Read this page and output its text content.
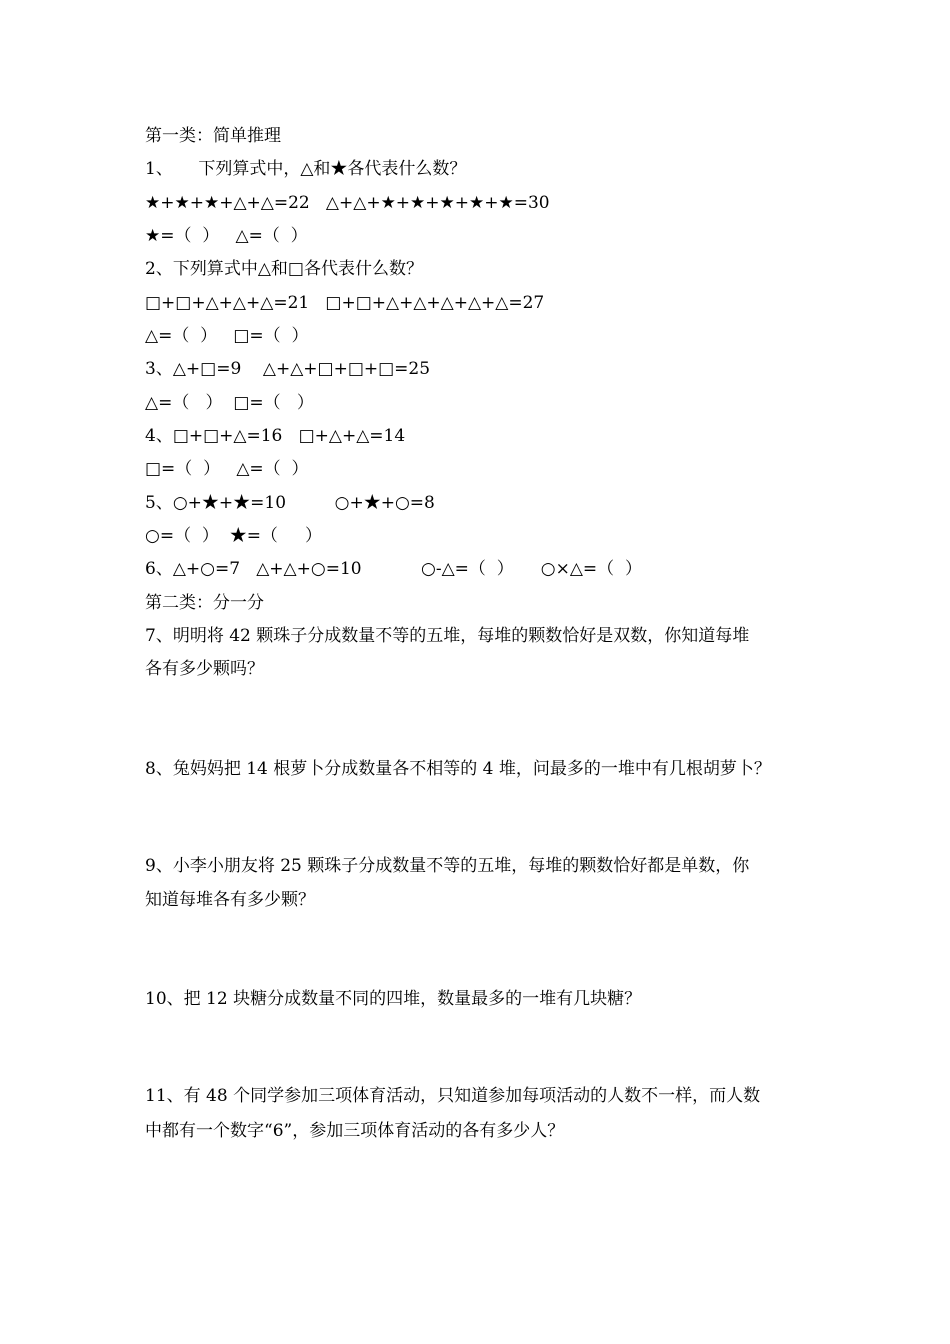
第一类：简单推理
1、　　下列算式中，△和★各代表什么数？
★+★+★+△+△=22   △+△+★+★+★+★+★=30
★=（  ）   △=（  ）
2、下列算式中△和□各代表什么数？
□+□+△+△+△=21   □+□+△+△+△+△+△=27
△=（  ）   □=（  ）
3、△+□=9    △+△+□+□+□=25
△=（   ）  □=（   ）
4、□+□+△=16   □+△+△=14
□=（  ）   △=（  ）
5、○+★+★=10         ○+★+○=8
○=（  ）  ★=（     ）
6、△+○=7   △+△+○=10           ○-△=（  ）     ○×△=（  ）
第二类：分一分
7、明明将 42 颗珠子分成数量不等的五堆，每堆的颗数恰好是双数，你知道每堆
各有多少颗吗？
8、兔妈妈把 14 根萝卜分成数量各不相等的 4 堆，问最多的一堆中有几根胡萝卜？
9、小李小朋友将 25 颗珠子分成数量不等的五堆，每堆的颗数恰好都是单数，你
知道每堆各有多少颗？
10、把 12 块糖分成数量不同的四堆，数量最多的一堆有几块糖？
11、有 48 个同学参加三项体育活动，只知道参加每项活动的人数不一样，而人数
中都有一个数字“6”，参加三项体育活动的各有多少人？
